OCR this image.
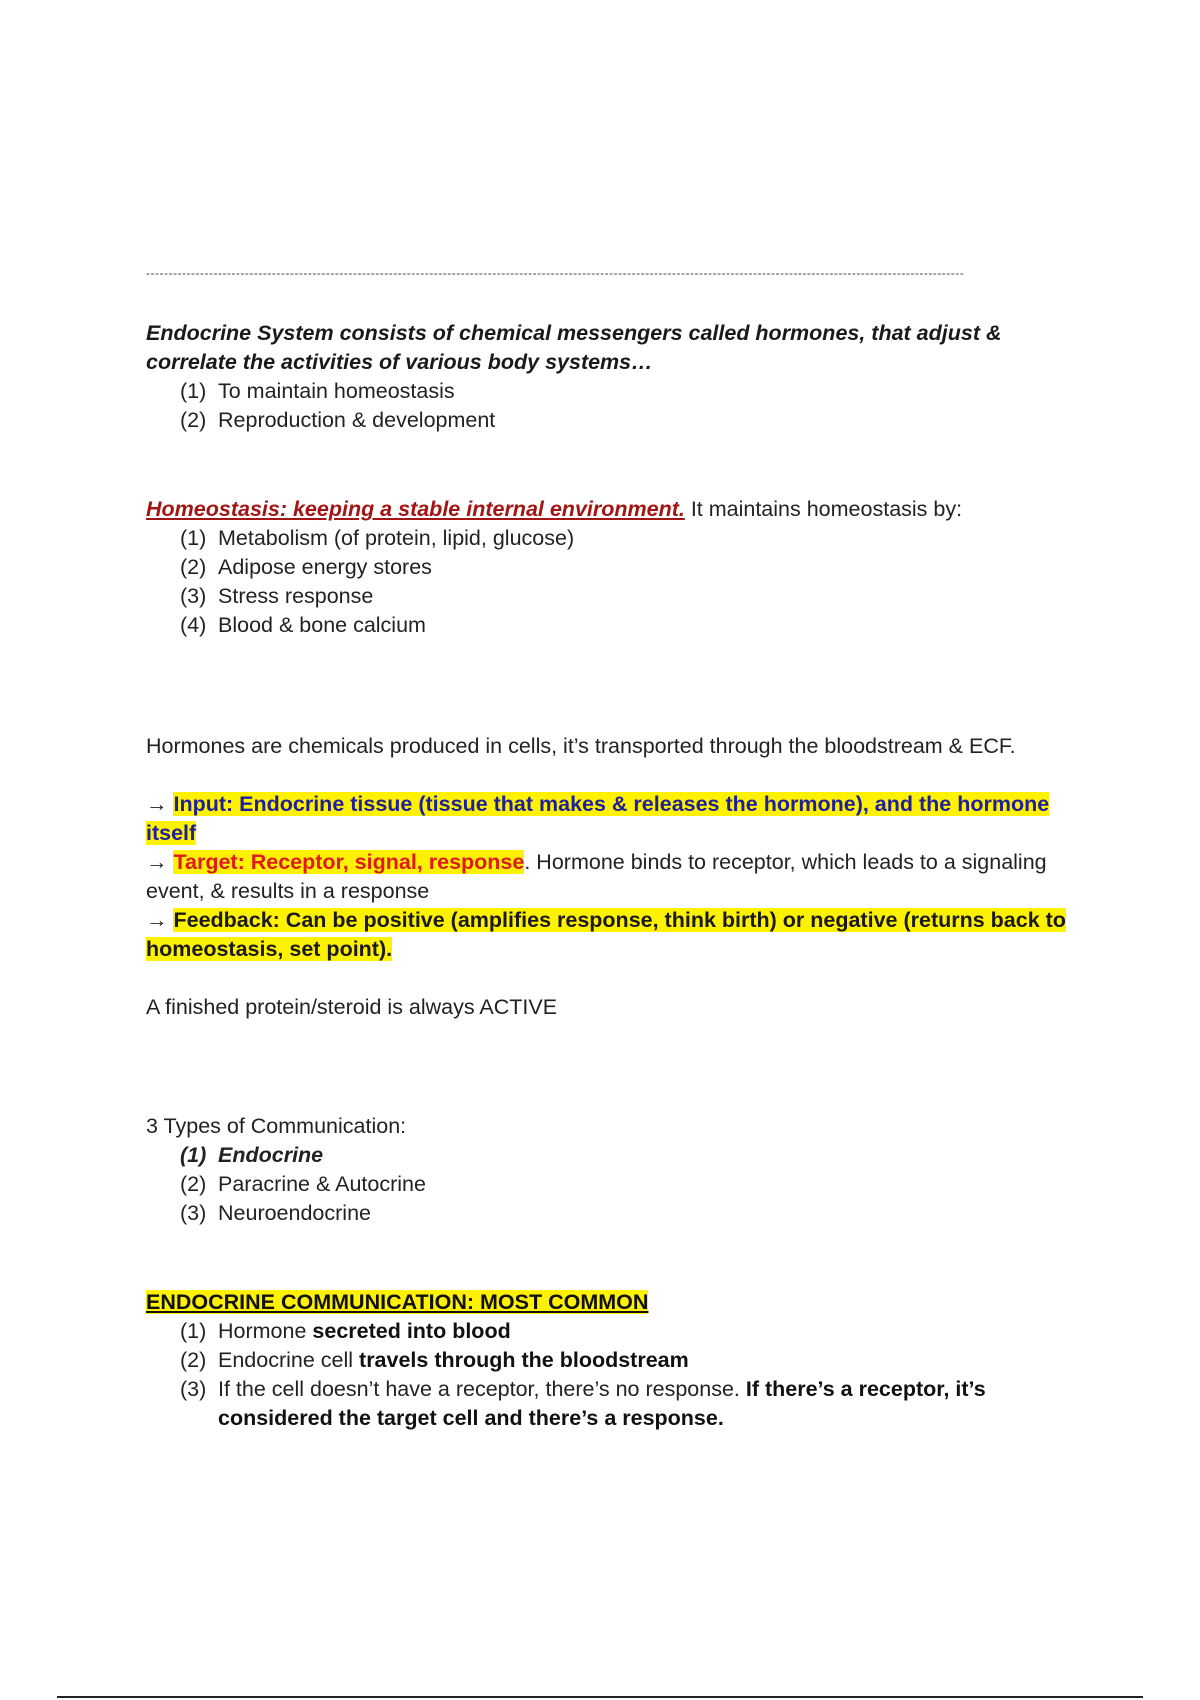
--------------------------------------------------------------------------------------------------------------------------------------------------------------------------------------

Endocrine System consists of chemical messengers called hormones, that adjust & correlate the activities of various body systems…

(1) To maintain homeostasis
(2) Reproduction & development

Homeostasis: keeping a stable internal environment. It maintains homeostasis by:

(1) Metabolism (of protein, lipid, glucose)
(2) Adipose energy stores
(3) Stress response
(4) Blood & bone calcium

Hormones are chemicals produced in cells, it’s transported through the bloodstream & ECF.

→ Input: Endocrine tissue (tissue that makes & releases the hormone), and the hormone itself

→ Target: Receptor, signal, response. Hormone binds to receptor, which leads to a signaling event, & results in a response

→ Feedback: Can be positive (amplifies response, think birth) or negative (returns back to homeostasis, set point).

A finished protein/steroid is always ACTIVE

3 Types of Communication:

(1) Endocrine
(2) Paracrine & Autocrine
(3) Neuroendocrine

ENDOCRINE COMMUNICATION: MOST COMMON

(1) Hormone secreted into blood
(2) Endocrine cell travels through the bloodstream
(3) If the cell doesn’t have a receptor, there’s no response. If there’s a receptor, it’s considered the target cell and there’s a response.
